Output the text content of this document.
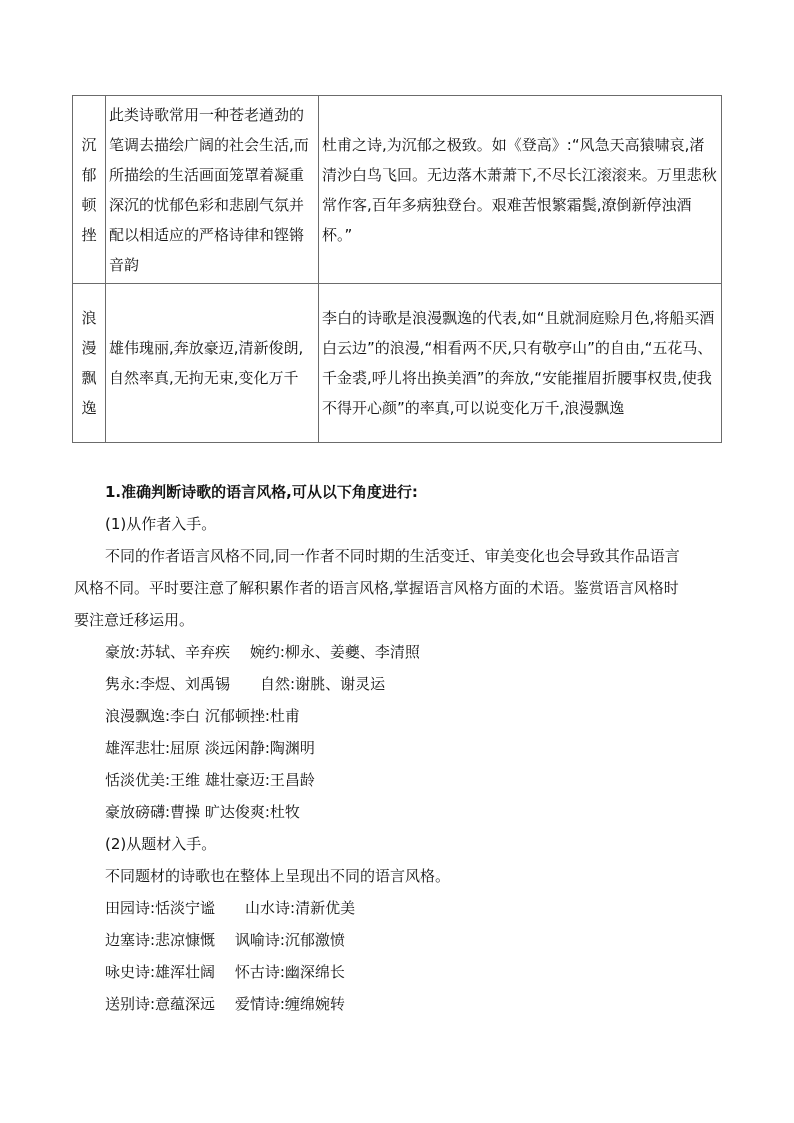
沉郁顿挫	此类诗歌常用一种苍老遒劲的笔调去描绘广阔的社会生活,而所描绘的生活画面笼罩着凝重深沉的忧郁色彩和悲剧气氛并配以相适应的严格诗律和铿锵音韵	杜甫之诗,为沉郁之极致。如《登高》:“风急天高猿啸哀,渚清沙白鸟飞回。无边落木萧萧下,不尽长江滚滚来。万里悲秋常作客,百年多病独登台。艰难苦恨繁霜鬓,潦倒新停浊酒杯。”
浪漫飘逸	雄伟瑰丽,奔放豪迈,清新俊朗,自然率真,无拘无束,变化万千	李白的诗歌是浪漫飘逸的代表,如“且就洞庭赊月色,将船买酒白云边”的浪漫,“相看两不厌,只有敬亭山”的自由,“五花马、千金裘,呼儿将出换美酒”的奔放,“安能摧眉折腰事权贵,使我不得开心颜”的率真,可以说变化万千,浪漫飘逸
1.准确判断诗歌的语言风格,可从以下角度进行:
(1)从作者入手。
不同的作者语言风格不同,同一作者不同时期的生活变迁、审美变化也会导致其作品语言
风格不同。平时要注意了解积累作者的语言风格,掌握语言风格方面的术语。鉴赏语言风格时
要注意迁移运用。
豪放:苏轼、辛弃疾　 婉约:柳永、姜夔、李清照
隽永:李煜、刘禹锡　　自然:谢朓、谢灵运
浪漫飘逸:李白 沉郁顿挫:杜甫
雄浑悲壮:屈原 淡远闲静:陶渊明
恬淡优美:王维 雄壮豪迈:王昌龄
豪放磅礴:曹操 旷达俊爽:杜牧
(2)从题材入手。
不同题材的诗歌也在整体上呈现出不同的语言风格。
田园诗:恬淡宁谧　　山水诗:清新优美
边塞诗:悲凉慷慨　 讽喻诗:沉郁激愤
咏史诗:雄浑壮阔　 怀古诗:幽深绵长
送别诗:意蕴深远　 爱情诗:缠绵婉转
